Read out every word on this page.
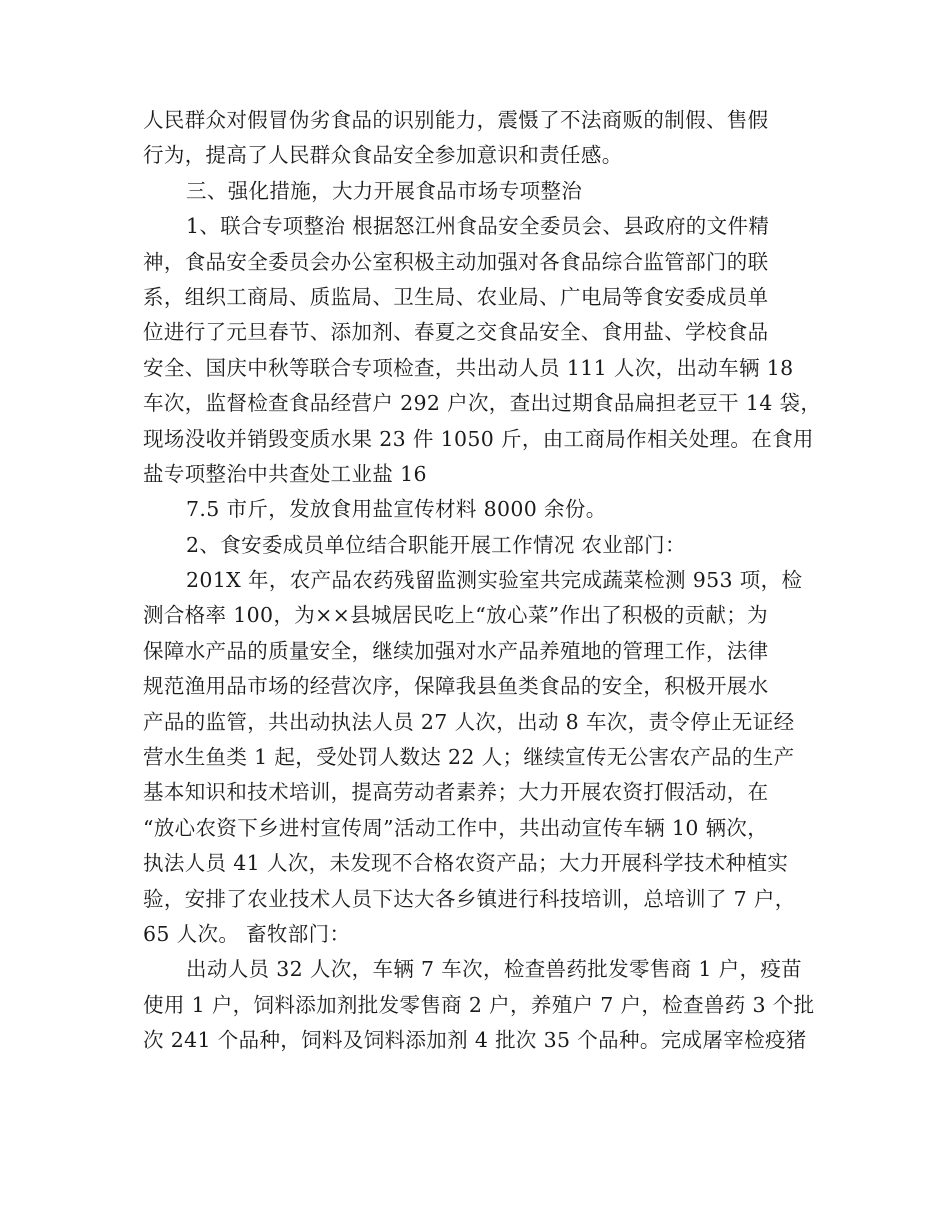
人民群众对假冒伪劣食品的识别能力，震慑了不法商贩的制假、售假
行为，提高了人民群众食品安全参加意识和责任感。
三、强化措施，大力开展食品市场专项整治
1、联合专项整治 根据怒江州食品安全委员会、县政府的文件精
神，食品安全委员会办公室积极主动加强对各食品综合监管部门的联
系，组织工商局、质监局、卫生局、农业局、广电局等食安委成员单
位进行了元旦春节、添加剂、春夏之交食品安全、食用盐、学校食品
安全、国庆中秋等联合专项检查，共出动人员 111 人次，出动车辆 18
车次，监督检查食品经营户 292 户次，查出过期食品扁担老豆干 14 袋，
现场没收并销毁变质水果 23 件 1050 斤，由工商局作相关处理。在食用
盐专项整治中共查处工业盐 16
7.5 市斤，发放食用盐宣传材料 8000 余份。
2、食安委成员单位结合职能开展工作情况 农业部门：
201X 年，农产品农药残留监测实验室共完成蔬菜检测 953 项，检
测合格率 100，为××县城居民吃上“放心菜”作出了积极的贡献；为
保障水产品的质量安全，继续加强对水产品养殖地的管理工作，法律
规范渔用品市场的经营次序，保障我县鱼类食品的安全，积极开展水
产品的监管，共出动执法人员 27 人次，出动 8 车次，责令停止无证经
营水生鱼类 1 起，受处罚人数达 22 人；继续宣传无公害农产品的生产
基本知识和技术培训，提高劳动者素养；大力开展农资打假活动，在
“放心农资下乡进村宣传周”活动工作中，共出动宣传车辆 10 辆次，
执法人员 41 人次，未发现不合格农资产品；大力开展科学技术种植实
验，安排了农业技术人员下达大各乡镇进行科技培训，总培训了 7 户，
65 人次。 畜牧部门：
出动人员 32 人次，车辆 7 车次，检查兽药批发零售商 1 户，疫苗
使用 1 户，饲料添加剂批发零售商 2 户，养殖户 7 户，检查兽药 3 个批
次 241 个品种，饲料及饲料添加剂 4 批次 35 个品种。完成屠宰检疫猪
